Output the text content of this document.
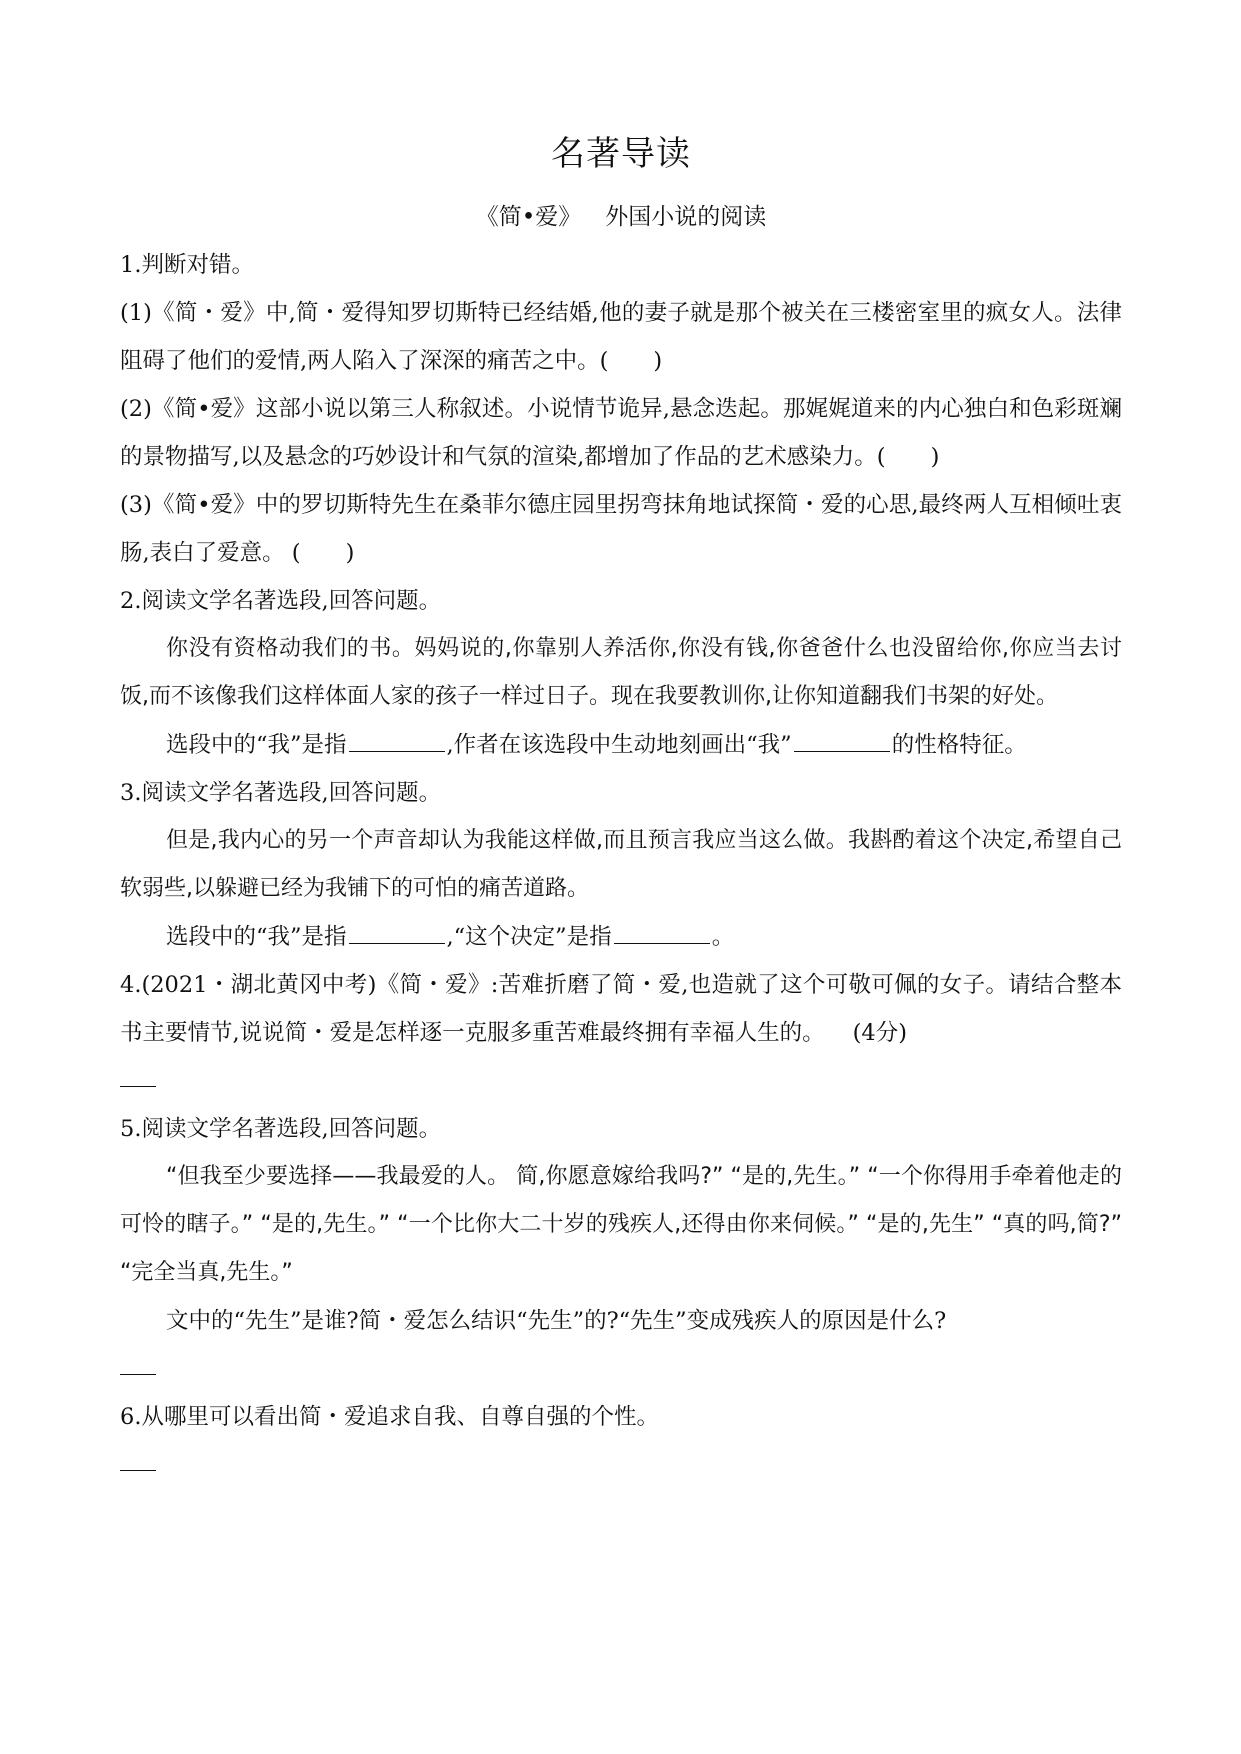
名著导读
《简•爱》 外国小说的阅读

1.判断对错。

(1)《简・爱》中,简・爱得知罗切斯特已经结婚,他的妻子就是那个被关在三楼密室里的疯女人。法律阻碍了他们的爱情,两人陷入了深深的痛苦之中。(　　)

(2)《简•爱》这部小说以第三人称叙述。小说情节诡异,悬念迭起。那娓娓道来的内心独白和色彩斑斓的景物描写,以及悬念的巧妙设计和气氛的渲染,都增加了作品的艺术感染力。(　　)

(3)《简•爱》中的罗切斯特先生在桑菲尔德庄园里拐弯抹角地试探简・爱的心思,最终两人互相倾吐衷肠,表白了爱意。 (　　)

2.阅读文学名著选段,回答问题。

你没有资格动我们的书。妈妈说的,你靠别人养活你,你没有钱,你爸爸什么也没留给你,你应当去讨饭,而不该像我们这样体面人家的孩子一样过日子。现在我要教训你,让你知道翻我们书架的好处。

选段中的“我”是指	,作者在该选段中生动地刻画出“我”	的性格特征。

3.阅读文学名著选段,回答问题。

但是,我内心的另一个声音却认为我能这样做,而且预言我应当这么做。我斟酌着这个决定,希望自己软弱些,以躲避已经为我铺下的可怕的痛苦道路。

选段中的“我”是指	,“这个决定”是指	。

4.(2021・湖北黄冈中考)《简・爱》:苦难折磨了简・爱,也造就了这个可敬可佩的女子。请结合整本书主要情节,说说简・爱是怎样逐一克服多重苦难最终拥有幸福人生的。 (4分)

5.阅读文学名著选段,回答问题。

“但我至少要选择——我最爱的人。 简,你愿意嫁给我吗?” “是的,先生。” “一个你得用手牵着他走的可怜的瞎子。” “是的,先生。” “一个比你大二十岁的残疾人,还得由你来伺候。” “是的,先生” “真的吗,简?” “完全当真,先生。”

文中的“先生”是谁?简・爱怎么结识“先生”的?“先生”变成残疾人的原因是什么?

6.从哪里可以看出简・爱追求自我、自尊自强的个性。
